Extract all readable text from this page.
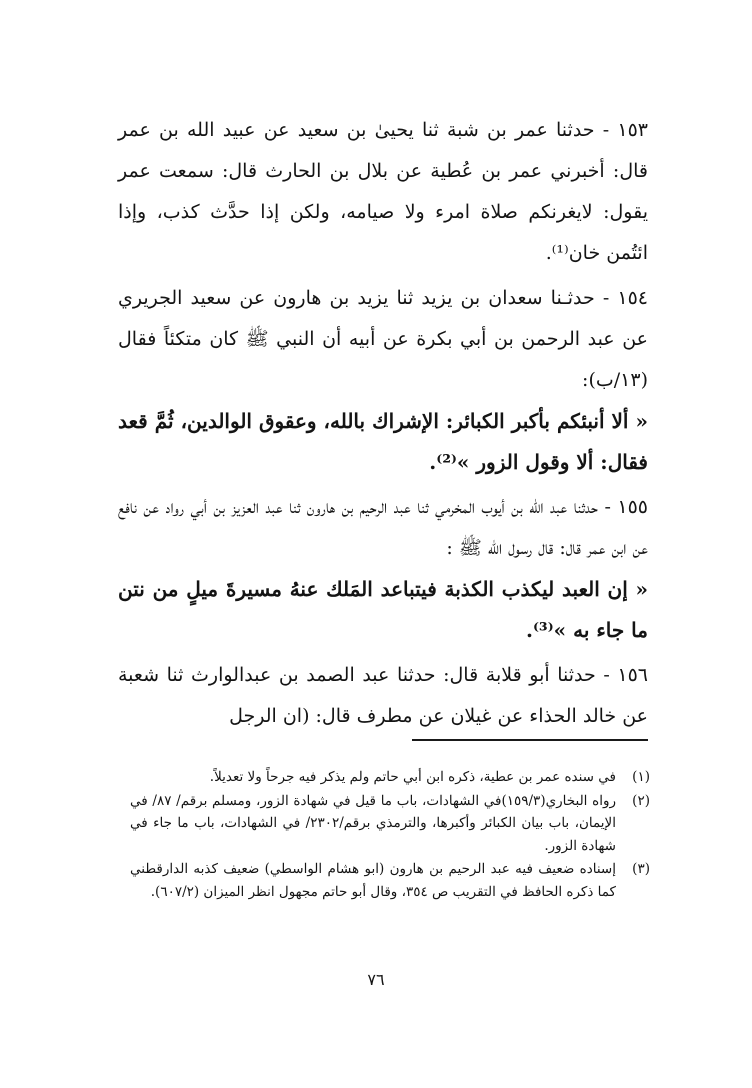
١٥٣ - حدثنا عمر بن شبة ثنا يحيىٰ بن سعيد عن عبيد الله بن عمر قال: أخبرني عمر بن عُطية عن بلال بن الحارث قال: سمعت عمر يقول: لايغرنكم صلاة امرء ولا صيامه، ولكن إذا حدَّث كذب، وإذا ائتُمن خان⁽¹⁾.

١٥٤ - حدثـنا سعدان بن يزيد ثنا يزيد بن هارون عن سعيد الجريري عن عبد الرحمن بن أبي بكرة عن أبيه أن النبي ﷺ كان متكئاً فقال (١٣/ب):

« ألا أنبئكم بأكبر الكبائر: الإشراك بالله، وعقوق الوالدين، ثُمَّ قعد فقال: ألا وقول الزور »⁽²⁾.

١٥٥ - حدثنا عبد الله بن أيوب المخرمي ثنا عبد الرحيم بن هارون ثنا عبد العزيز بن أبي رواد عن نافع عن ابن عمر قال: قال رسول الله ﷺ :

« إن العبد ليكذب الكذبة فيتباعد المَلك عنهُ مسيرةَ ميلٍ من نتن ما جاء به »⁽³⁾.

١٥٦ - حدثنا أبو قلابة قال: حدثنا عبد الصمد بن عبدالوارث ثنا شعبة عن خالد الحذاء عن غيلان عن مطرف قال: (ان الرجل

(١)
في سنده عمر بن عطية، ذكره ابن أبي حاتم ولم يذكر فيه جرحاً ولا تعديلاً.
(٢)
رواه البخاري(١٥٩/٣)في الشهادات، باب ما قيل في شهادة الزور، ومسلم برقم/ ٨٧/ في الإيمان، باب بيان الكبائر وأكبرها، والترمذي برقم/٢٣٠٢/ في الشهادات، باب ما جاء في شهادة الزور.
(٣)
إسناده ضعيف فيه عبد الرحيم بن هارون (ابو هشام الواسطي) ضعيف كذبه الدارقطني كما ذكره الحافظ في التقريب ص ٣٥٤، وقال أبو حاتم مجهول انظر الميزان (٦٠٧/٢).
٧٦
